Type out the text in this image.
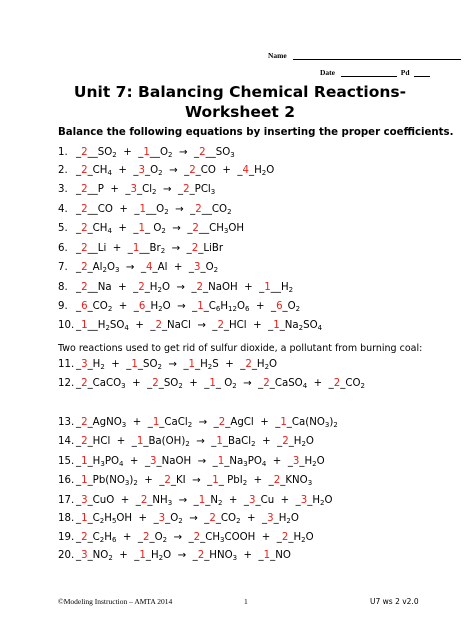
Name
Date	Pd
Unit 7: Balancing Chemical Reactions- Worksheet 2
Balance the following equations by inserting the proper coefficients.
1. $\_2\_\_SO_2$  +  $\_1\_\_O_2$  →  $\_2\_\_SO_3$
2. $\_2\_CH_4$  +  $\_3\_O_2$  →  _2_CO  +  $\_4\_H_2O$
3. _2__P  +  $\_3\_Cl_2$  →  _2_PCl$_3$
4. _2__CO  +  $\_1\_\_O_2$  →  $\_2\_\_CO_2$
5. $\_2\_CH_4$  +  _1_ $O_2$  →  $\_2\_\_CH_3OH$
6. _2__Li  +  $\_1\_\_Br_2$  →  _2_LiBr
7. $\_2\_Al_2O_3$  →  _4_Al  +  $\_3\_O_2$
8. _2__Na  +  $\_2\_H_2O$  →  _2_NaOH  +  $\_1\_\_H_2$
9. $\_6\_CO_2$  +  $\_6\_H_2O$  →  $\_1\_C_6H_{12}O_6$  +  $\_6\_O_2$
10. $\_1\_\_H_2SO_4$  +  _2_NaCl  →  _2_HCl  +  $\_1\_Na_2SO_4$
11. $\_3\_H_2$  +  $\_1\_SO_2$  →  $\_1\_H_2S$  +  $\_2\_H_2O$
12. _2_CaCO$_3$  +  $\_2\_SO_2$  +  _1_ $O_2$  →  _2_CaSO$_4$  +  $\_2\_CO_2$
13. _2_AgNO$_3$  +  _1_CaCl$_2$  →  _2_AgCl  +  $\_1\_Ca(NO_3)_2$
14. _2_HCl  +  $\_1\_Ba(OH)_2$  →  _1_BaCl$_2$  +  $\_2\_H_2O$
15. $\_1\_H_3PO_4$  +  _3_NaOH  →  $\_1\_Na_3PO_4$  +  $\_3\_H_2O$
16. $\_1\_Pb(NO_3)_2$  +  _2_KI  →  _1_ $PbI_2 + \_2\_KNO_3$
17. _3_CuO  +  $\_2\_NH_3$  →  $\_1\_N_2$  +  _3_Cu  +  $\_3\_H_2O$
18. $\_1\_C_2H_5OH$  +  $\_3\_O_2$  →  $\_2\_CO_2$  +  $\_3\_H_2O$
19. $\_2\_C_2H_6$  +  $\_2\_O_2$  →  $\_2\_CH_3COOH$  +  $\_2\_H_2O$
20. $\_3\_NO_2$  +  $\_1\_H_2O$  →  $\_2\_HNO_3$  +  _1_NO
Two reactions used to get rid of sulfur dioxide, a pollutant from burning coal:
©Modeling Instruction – AMTA 2014	1	U7 ws 2 v2.0
